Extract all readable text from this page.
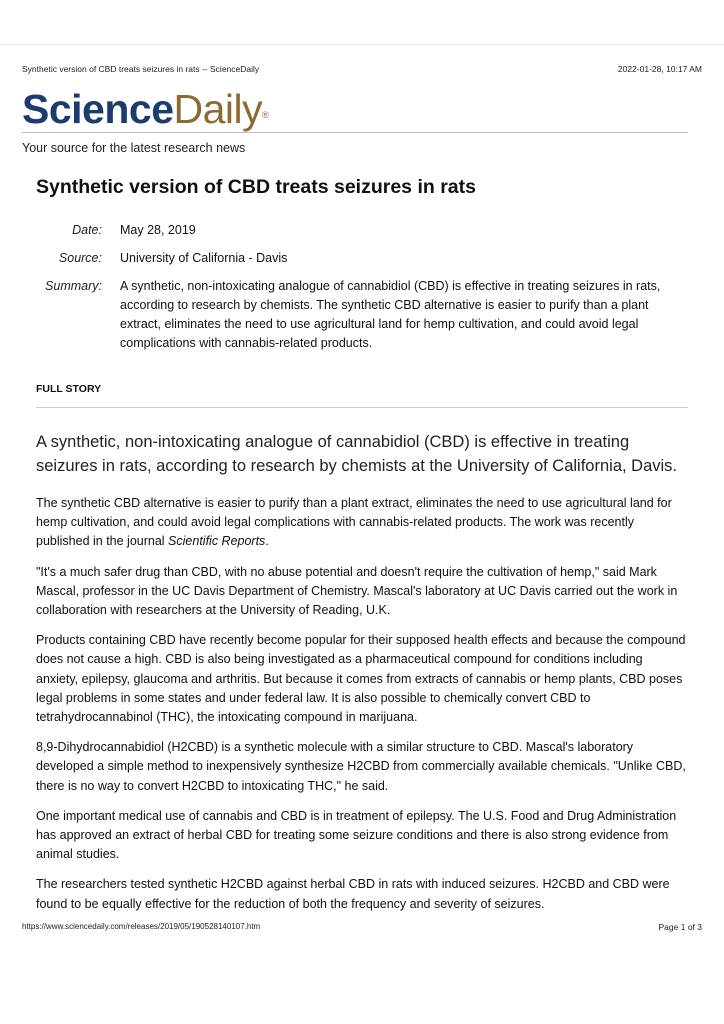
Synthetic version of CBD treats seizures in rats -- ScienceDaily	2022-01-28, 10:17 AM
ScienceDaily®
Your source for the latest research news
Synthetic version of CBD treats seizures in rats
Date: May 28, 2019
Source: University of California - Davis
Summary: A synthetic, non-intoxicating analogue of cannabidiol (CBD) is effective in treating seizures in rats, according to research by chemists. The synthetic CBD alternative is easier to purify than a plant extract, eliminates the need to use agricultural land for hemp cultivation, and could avoid legal complications with cannabis-related products.
FULL STORY

A synthetic, non-intoxicating analogue of cannabidiol (CBD) is effective in treating seizures in rats, according to research by chemists at the University of California, Davis.

The synthetic CBD alternative is easier to purify than a plant extract, eliminates the need to use agricultural land for hemp cultivation, and could avoid legal complications with cannabis-related products. The work was recently published in the journal Scientific Reports.

"It's a much safer drug than CBD, with no abuse potential and doesn't require the cultivation of hemp," said Mark Mascal, professor in the UC Davis Department of Chemistry. Mascal's laboratory at UC Davis carried out the work in collaboration with researchers at the University of Reading, U.K.

Products containing CBD have recently become popular for their supposed health effects and because the compound does not cause a high. CBD is also being investigated as a pharmaceutical compound for conditions including anxiety, epilepsy, glaucoma and arthritis. But because it comes from extracts of cannabis or hemp plants, CBD poses legal problems in some states and under federal law. It is also possible to chemically convert CBD to tetrahydrocannabinol (THC), the intoxicating compound in marijuana.

8,9-Dihydrocannabidiol (H2CBD) is a synthetic molecule with a similar structure to CBD. Mascal's laboratory developed a simple method to inexpensively synthesize H2CBD from commercially available chemicals. "Unlike CBD, there is no way to convert H2CBD to intoxicating THC," he said.

One important medical use of cannabis and CBD is in treatment of epilepsy. The U.S. Food and Drug Administration has approved an extract of herbal CBD for treating some seizure conditions and there is also strong evidence from animal studies.

The researchers tested synthetic H2CBD against herbal CBD in rats with induced seizures. H2CBD and CBD were found to be equally effective for the reduction of both the frequency and severity of seizures.

https://www.sciencedaily.com/releases/2019/05/190528140107.htm	Page 1 of 3
